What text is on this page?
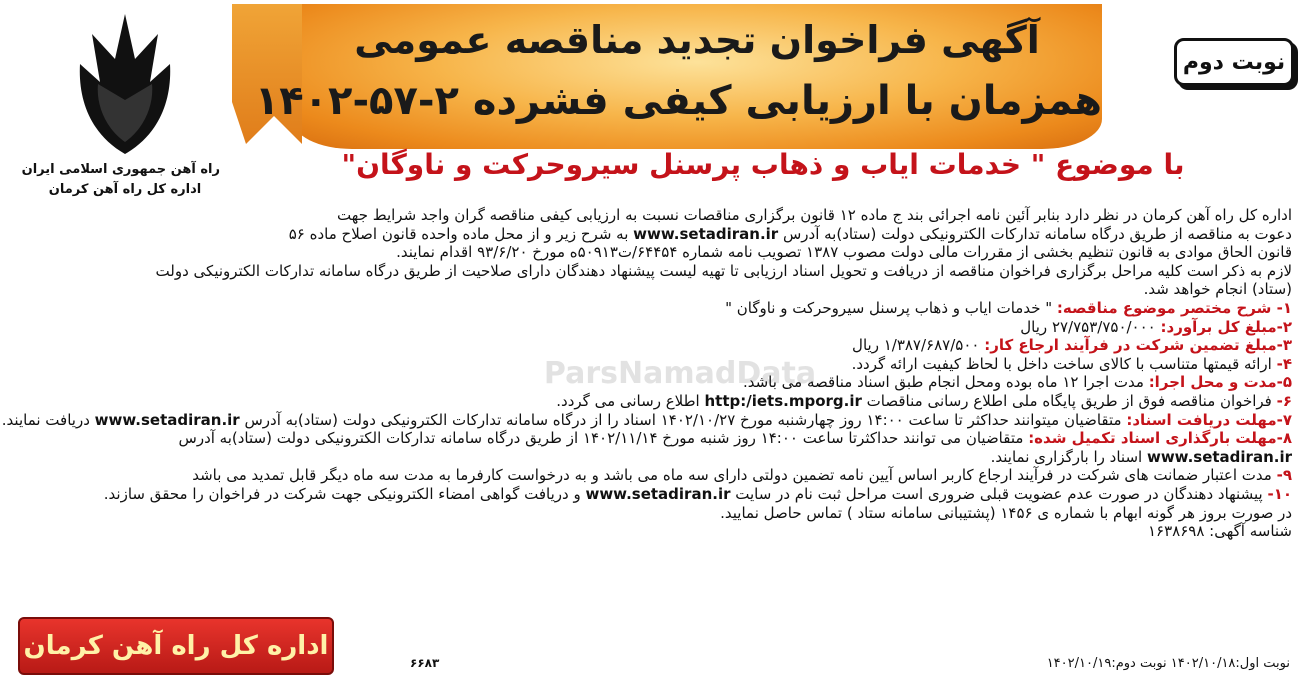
آگهی فراخوان تجدید مناقصه عمومی
همزمان با ارزیابی کیفی فشرده ۲-۵۷-۱۴۰۲
نوبت دوم
راه آهن جمهوری اسلامی ایران
اداره کل راه آهن کرمان
با موضوع " خدمات ایاب و ذهاب پرسنل سیروحرکت و ناوگان"
ParsNamadData
اداره کل راه آهن کرمان در نظر دارد بنابر آئین نامه اجرائی بند ج ماده ۱۲ قانون برگزاری مناقصات نسبت به ارزیابی کیفی مناقصه گران واجد شرایط جهت
دعوت به مناقصه از طریق درگاه سامانه تدارکات الکترونیکی دولت (ستاد)به آدرس www.setadiran.ir به شرح زیر و از محل ماده واحده قانون اصلاح ماده ۵۶
قانون الحاق موادی به قانون تنظیم بخشی از مقررات مالی دولت مصوب ۱۳۸۷ تصویب نامه شماره ۶۴۴۵۴/ت۵۰۹۱۳ه مورخ ۹۳/۶/۲۰ اقدام نمایند.
لازم به ذکر است کلیه مراحل برگزاری فراخوان مناقصه از دریافت و تحویل اسناد ارزیابی تا تهیه لیست پیشنهاد دهندگان دارای صلاحیت از طریق درگاه سامانه تدارکات الکترونیکی دولت
(ستاد) انجام خواهد شد.
۱- شرح مختصر موضوع مناقصه: " خدمات ایاب و ذهاب پرسنل سیروحرکت و ناوگان "
۲-مبلغ کل برآورد: ۲۷/۷۵۳/۷۵۰/۰۰۰ ریال
۳-مبلغ تضمین شرکت در فرآیند ارجاع کار: ۱/۳۸۷/۶۸۷/۵۰۰ ریال
۴- ارائه قیمتها متناسب با کالای ساخت داخل با لحاظ کیفیت ارائه گردد.
۵-مدت و محل اجرا: مدت اجرا ۱۲ ماه بوده ومحل انجام طبق اسناد مناقصه می باشد.
۶- فراخوان مناقصه فوق از طریق پایگاه ملی اطلاع رسانی مناقصات http:/iets.mporg.ir اطلاع رسانی می گردد.
۷-مهلت دریافت اسناد: متقاضیان میتوانند حداکثر تا ساعت ۱۴:۰۰ روز چهارشنبه مورخ ۱۴۰۲/۱۰/۲۷ اسناد را از درگاه سامانه تدارکات الکترونیکی دولت (ستاد)به آدرس www.setadiran.ir دریافت نمایند.
۸-مهلت بارگذاری اسناد تکمیل شده: متقاضیان می توانند حداکثرتا ساعت ۱۴:۰۰ روز شنبه مورخ ۱۴۰۲/۱۱/۱۴ از طریق درگاه سامانه تدارکات الکترونیکی دولت (ستاد)به آدرس
www.setadiran.ir اسناد را بارگزاری نمایند.
۹- مدت اعتبار ضمانت های شرکت در فرآیند ارجاع کاربر اساس آیین نامه تضمین دولتی دارای سه ماه می باشد و به درخواست کارفرما به مدت سه ماه دیگر قابل تمدید می باشد
۱۰- پیشنهاد دهندگان در صورت عدم عضویت قبلی ضروری است مراحل ثبت نام در سایت www.setadiran.ir و دریافت گواهی امضاء الکترونیکی جهت شرکت در فراخوان را محقق سازند.
در صورت بروز هر گونه ابهام با شماره ی ۱۴۵۶ (پشتیبانی سامانه ستاد ) تماس حاصل نمایید.
شناسه آگهی: ۱۶۳۸۶۹۸
اداره کل راه آهن کرمان
۶۶۸۳	نوبت اول:۱۴۰۲/۱۰/۱۸ نوبت دوم:۱۴۰۲/۱۰/۱۹
